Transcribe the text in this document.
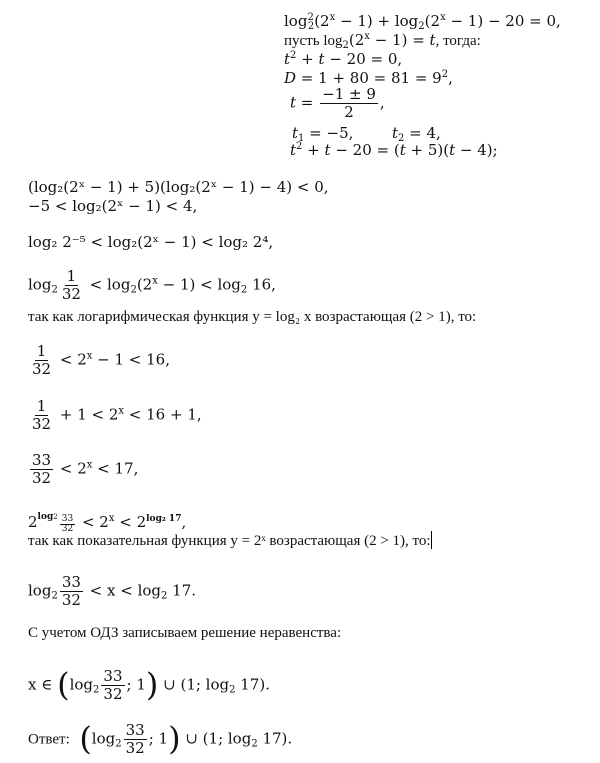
$\log^2_2(2^x - 1) + \log_2(2^x - 1) - 20 = 0$,
пусть $\log_2(2^x - 1) = t$, тогда:
$t^2 + t - 20 = 0$,
$D = 1 + 80 = 81 = 9^2$,
$t = \frac{-1 \pm 9}{2}$ ,
$t_1 = -5$,	$t_2 = 4$,
$t^2 + t - 20 = (t + 5)(t - 4)$;
(log₂(2ˣ − 1) + 5)(log₂(2ˣ − 1) − 4) < 0,
−5 < log₂(2ˣ − 1) < 4,
log₂ 2⁻⁵ < log₂(2ˣ − 1) < log₂ 2⁴,
$\log_2 \frac{1}{32} < \log_2(2^x - 1) < \log_2 16$,
так как логарифмическая функция y = log₂ x возрастающая (2 > 1), то:
$\frac{1}{32} < 2^x - 1 < 16$,
$\frac{1}{32} + 1 < 2^x < 16 + 1$,
$\frac{33}{32} < 2^x < 17$,
$2^{log2 \frac{33}{32}} < 2^x < 2^{log_2 17}$,
так как показательная функция y = 2ˣ возрастающая (2 > 1), то:
$\log_2 \frac{33}{32} < x < \log_2 17$.
С учетом ОДЗ записываем решение неравенства:
x ∈ ($\log_2 \frac{33}{32}$ ; 1) ∪ (1; $\log_2 17$).
Ответ: ($\log_2 \frac{33}{32}$ ; 1) ∪ (1; $\log_2 17$).
